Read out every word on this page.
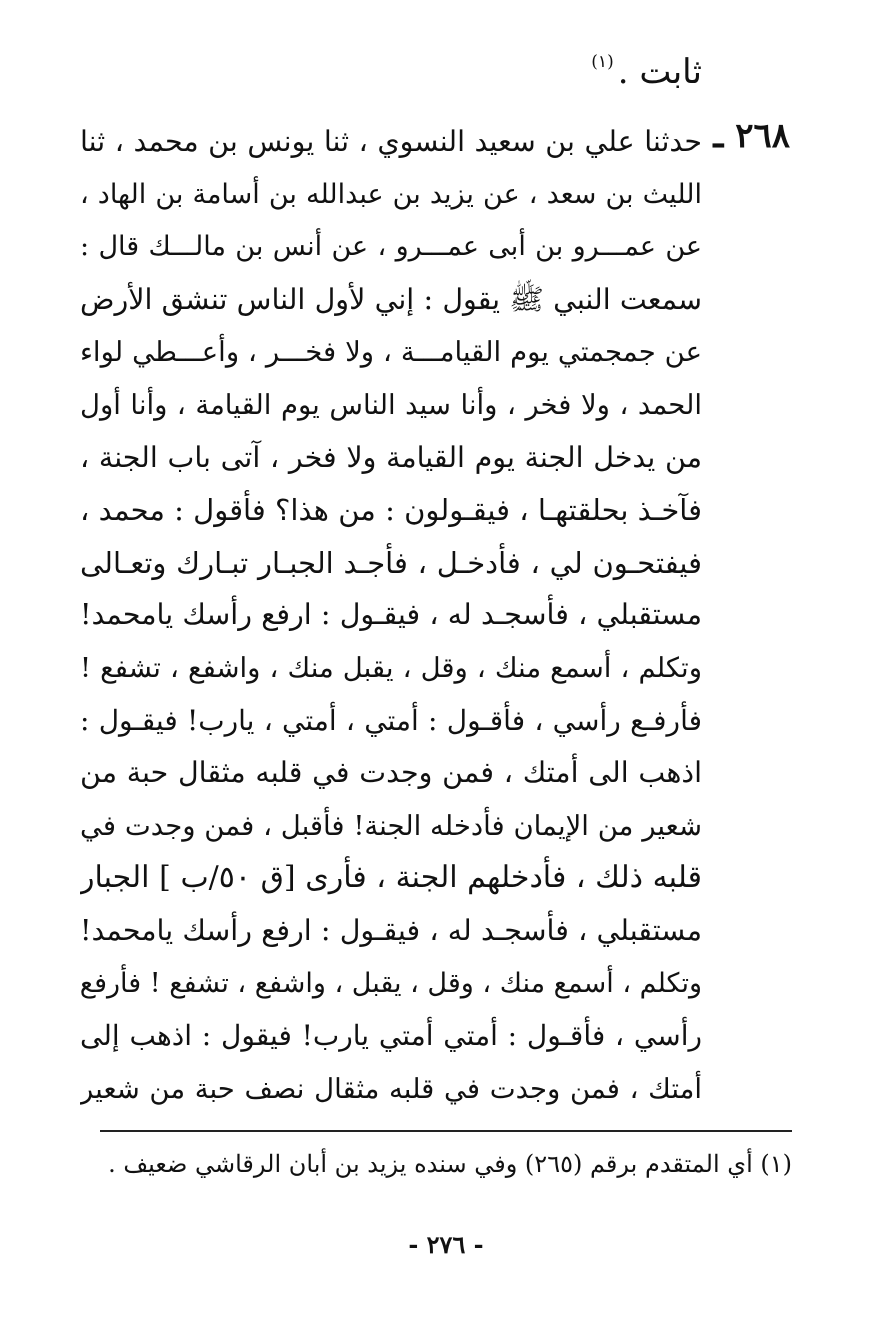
ثابت .$^{(١)}$
٢٦٨ ـ
حدثنا علي بن سعيد النسوي ، ثنا يونس بن محمد ، ثنا
الليث بن سعد ، عن يزيد بن عبدالله بن أسامة بن الهاد ،
عن عمـــرو بن أبى عمـــرو ، عن أنس بن مالـــك قال :
سمعت النبي ﷺ يقول : إني لأول الناس تنشق الأرض
عن جمجمتي يوم القيامـــة ، ولا فخـــر ، وأعـــطي لواء
الحمد ، ولا فخر ، وأنا سيد الناس يوم القيامة ، وأنا أول
من يدخل الجنة يوم القيامة ولا فخر ، آتى باب الجنة ،
فآخـذ بحلقتهـا ، فيقـولون : من هذا؟ فأقول : محمد ،
فيفتحـون لي ، فأدخـل ، فأجـد الجبـار تبـارك وتعـالى
مستقبلي ، فأسجـد له ، فيقـول : ارفع رأسك يامحمد!
وتكلم ، أسمع منك ، وقل ، يقبل منك ، واشفع ، تشفع !
فأرفـع رأسي ، فأقـول : أمتي ، أمتي ، يارب! فيقـول :
اذهب الى أمتك ، فمن وجدت في قلبه مثقال حبة من
شعير من الإيمان فأدخله الجنة! فأقبل ، فمن وجدت في
قلبه ذلك ، فأدخلهم الجنة ، فأرى [ق ٥٠/ب ] الجبار
مستقبلي ، فأسجـد له ، فيقـول : ارفع رأسك يامحمد!
وتكلم ، أسمع منك ، وقل ، يقبل ، واشفع ، تشفع ! فأرفع
رأسي ، فأقـول : أمتي أمتي يارب! فيقول : اذهب إلى
أمتك ، فمن وجدت في قلبه مثقال نصف حبة من شعير
(١) أي المتقدم برقم (٢٦٥) وفي سنده يزيد بن أبان الرقاشي ضعيف .
- ٢٧٦ -
